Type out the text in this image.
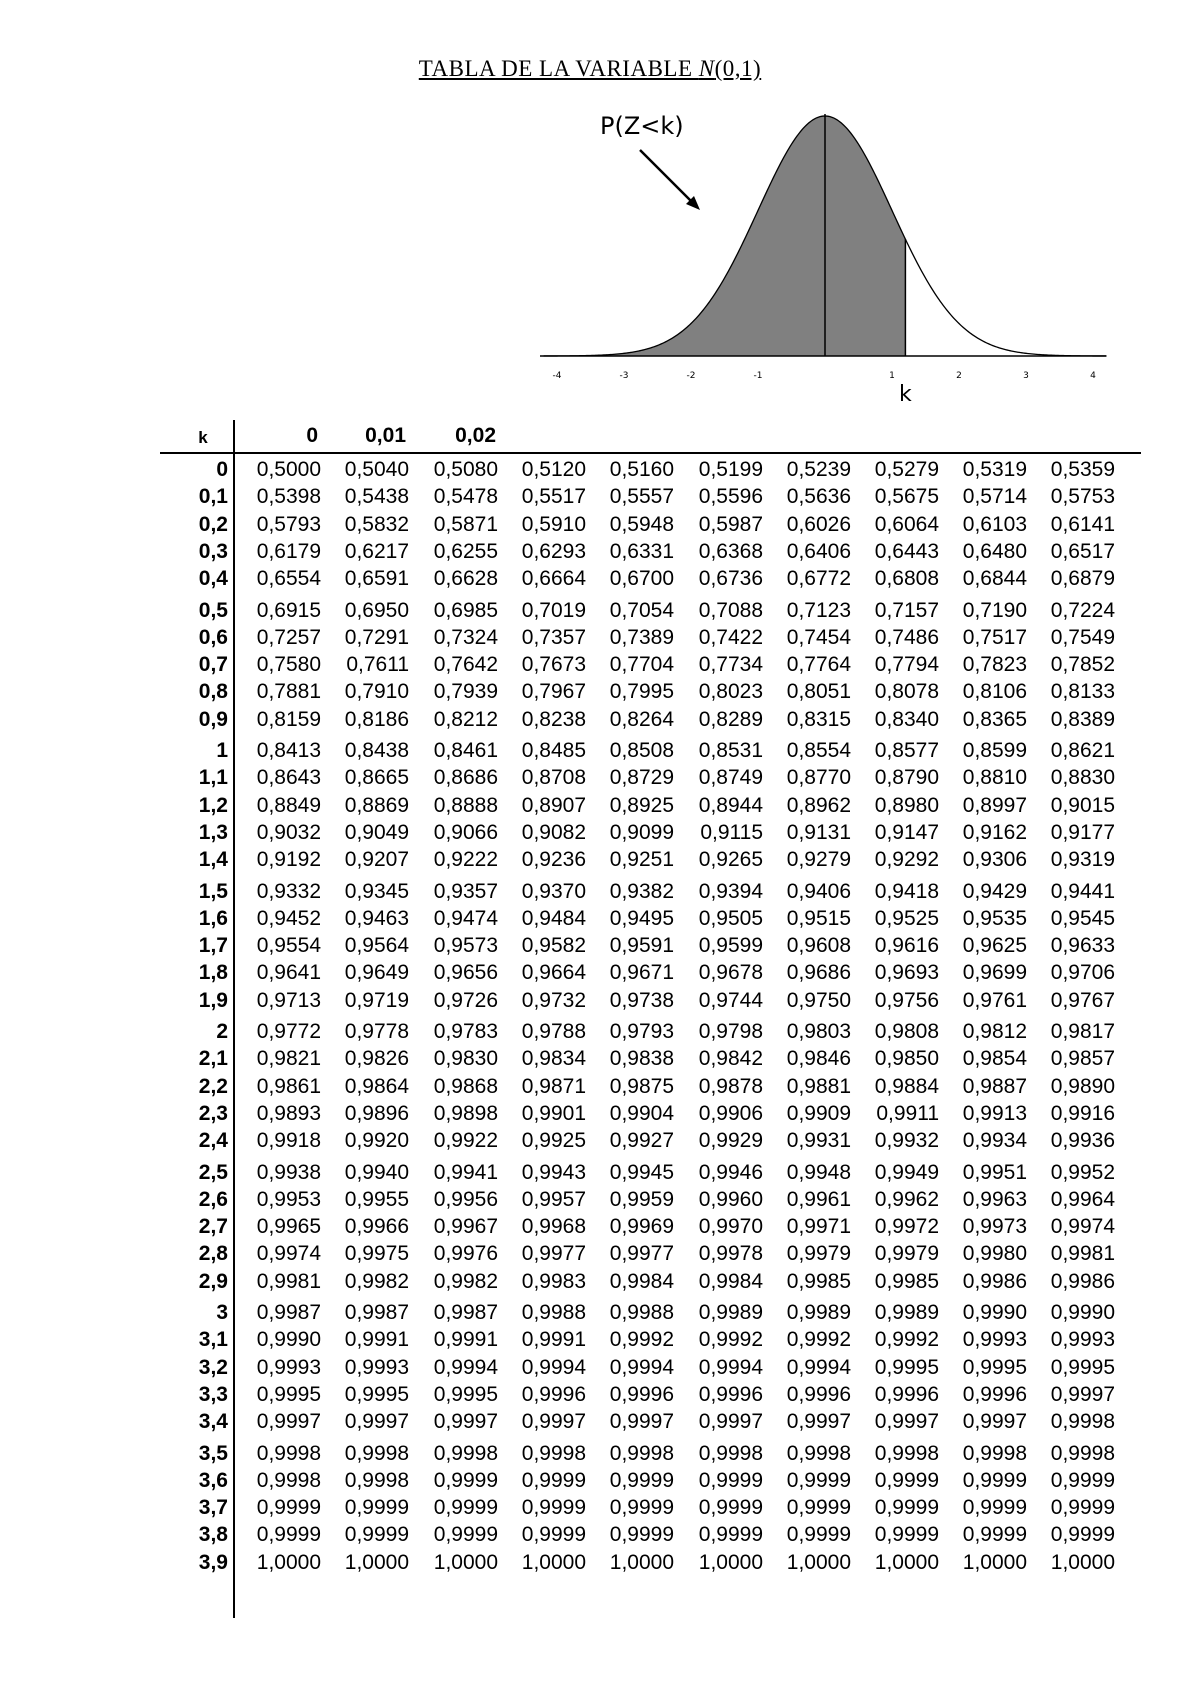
TABLA DE LA VARIABLE N(0,1)
-4	-3	-2	-1	1	2	3	4
k
P(Z<k)
k	0	0,01	0,02
0	0,5000	0,5040	0,5080	0,5120	0,5160	0,5199	0,5239	0,5279	0,5319	0,5359
0,1	0,5398	0,5438	0,5478	0,5517	0,5557	0,5596	0,5636	0,5675	0,5714	0,5753
0,2	0,5793	0,5832	0,5871	0,5910	0,5948	0,5987	0,6026	0,6064	0,6103	0,6141
0,3	0,6179	0,6217	0,6255	0,6293	0,6331	0,6368	0,6406	0,6443	0,6480	0,6517
0,4	0,6554	0,6591	0,6628	0,6664	0,6700	0,6736	0,6772	0,6808	0,6844	0,6879
0,5	0,6915	0,6950	0,6985	0,7019	0,7054	0,7088	0,7123	0,7157	0,7190	0,7224
0,6	0,7257	0,7291	0,7324	0,7357	0,7389	0,7422	0,7454	0,7486	0,7517	0,7549
0,7	0,7580	0,7611	0,7642	0,7673	0,7704	0,7734	0,7764	0,7794	0,7823	0,7852
0,8	0,7881	0,7910	0,7939	0,7967	0,7995	0,8023	0,8051	0,8078	0,8106	0,8133
0,9	0,8159	0,8186	0,8212	0,8238	0,8264	0,8289	0,8315	0,8340	0,8365	0,8389
1	0,8413	0,8438	0,8461	0,8485	0,8508	0,8531	0,8554	0,8577	0,8599	0,8621
1,1	0,8643	0,8665	0,8686	0,8708	0,8729	0,8749	0,8770	0,8790	0,8810	0,8830
1,2	0,8849	0,8869	0,8888	0,8907	0,8925	0,8944	0,8962	0,8980	0,8997	0,9015
1,3	0,9032	0,9049	0,9066	0,9082	0,9099	0,9115	0,9131	0,9147	0,9162	0,9177
1,4	0,9192	0,9207	0,9222	0,9236	0,9251	0,9265	0,9279	0,9292	0,9306	0,9319
1,5	0,9332	0,9345	0,9357	0,9370	0,9382	0,9394	0,9406	0,9418	0,9429	0,9441
1,6	0,9452	0,9463	0,9474	0,9484	0,9495	0,9505	0,9515	0,9525	0,9535	0,9545
1,7	0,9554	0,9564	0,9573	0,9582	0,9591	0,9599	0,9608	0,9616	0,9625	0,9633
1,8	0,9641	0,9649	0,9656	0,9664	0,9671	0,9678	0,9686	0,9693	0,9699	0,9706
1,9	0,9713	0,9719	0,9726	0,9732	0,9738	0,9744	0,9750	0,9756	0,9761	0,9767
2	0,9772	0,9778	0,9783	0,9788	0,9793	0,9798	0,9803	0,9808	0,9812	0,9817
2,1	0,9821	0,9826	0,9830	0,9834	0,9838	0,9842	0,9846	0,9850	0,9854	0,9857
2,2	0,9861	0,9864	0,9868	0,9871	0,9875	0,9878	0,9881	0,9884	0,9887	0,9890
2,3	0,9893	0,9896	0,9898	0,9901	0,9904	0,9906	0,9909	0,9911	0,9913	0,9916
2,4	0,9918	0,9920	0,9922	0,9925	0,9927	0,9929	0,9931	0,9932	0,9934	0,9936
2,5	0,9938	0,9940	0,9941	0,9943	0,9945	0,9946	0,9948	0,9949	0,9951	0,9952
2,6	0,9953	0,9955	0,9956	0,9957	0,9959	0,9960	0,9961	0,9962	0,9963	0,9964
2,7	0,9965	0,9966	0,9967	0,9968	0,9969	0,9970	0,9971	0,9972	0,9973	0,9974
2,8	0,9974	0,9975	0,9976	0,9977	0,9977	0,9978	0,9979	0,9979	0,9980	0,9981
2,9	0,9981	0,9982	0,9982	0,9983	0,9984	0,9984	0,9985	0,9985	0,9986	0,9986
3	0,9987	0,9987	0,9987	0,9988	0,9988	0,9989	0,9989	0,9989	0,9990	0,9990
3,1	0,9990	0,9991	0,9991	0,9991	0,9992	0,9992	0,9992	0,9992	0,9993	0,9993
3,2	0,9993	0,9993	0,9994	0,9994	0,9994	0,9994	0,9994	0,9995	0,9995	0,9995
3,3	0,9995	0,9995	0,9995	0,9996	0,9996	0,9996	0,9996	0,9996	0,9996	0,9997
3,4	0,9997	0,9997	0,9997	0,9997	0,9997	0,9997	0,9997	0,9997	0,9997	0,9998
3,5	0,9998	0,9998	0,9998	0,9998	0,9998	0,9998	0,9998	0,9998	0,9998	0,9998
3,6	0,9998	0,9998	0,9999	0,9999	0,9999	0,9999	0,9999	0,9999	0,9999	0,9999
3,7	0,9999	0,9999	0,9999	0,9999	0,9999	0,9999	0,9999	0,9999	0,9999	0,9999
3,8	0,9999	0,9999	0,9999	0,9999	0,9999	0,9999	0,9999	0,9999	0,9999	0,9999
3,9	1,0000	1,0000	1,0000	1,0000	1,0000	1,0000	1,0000	1,0000	1,0000	1,0000
